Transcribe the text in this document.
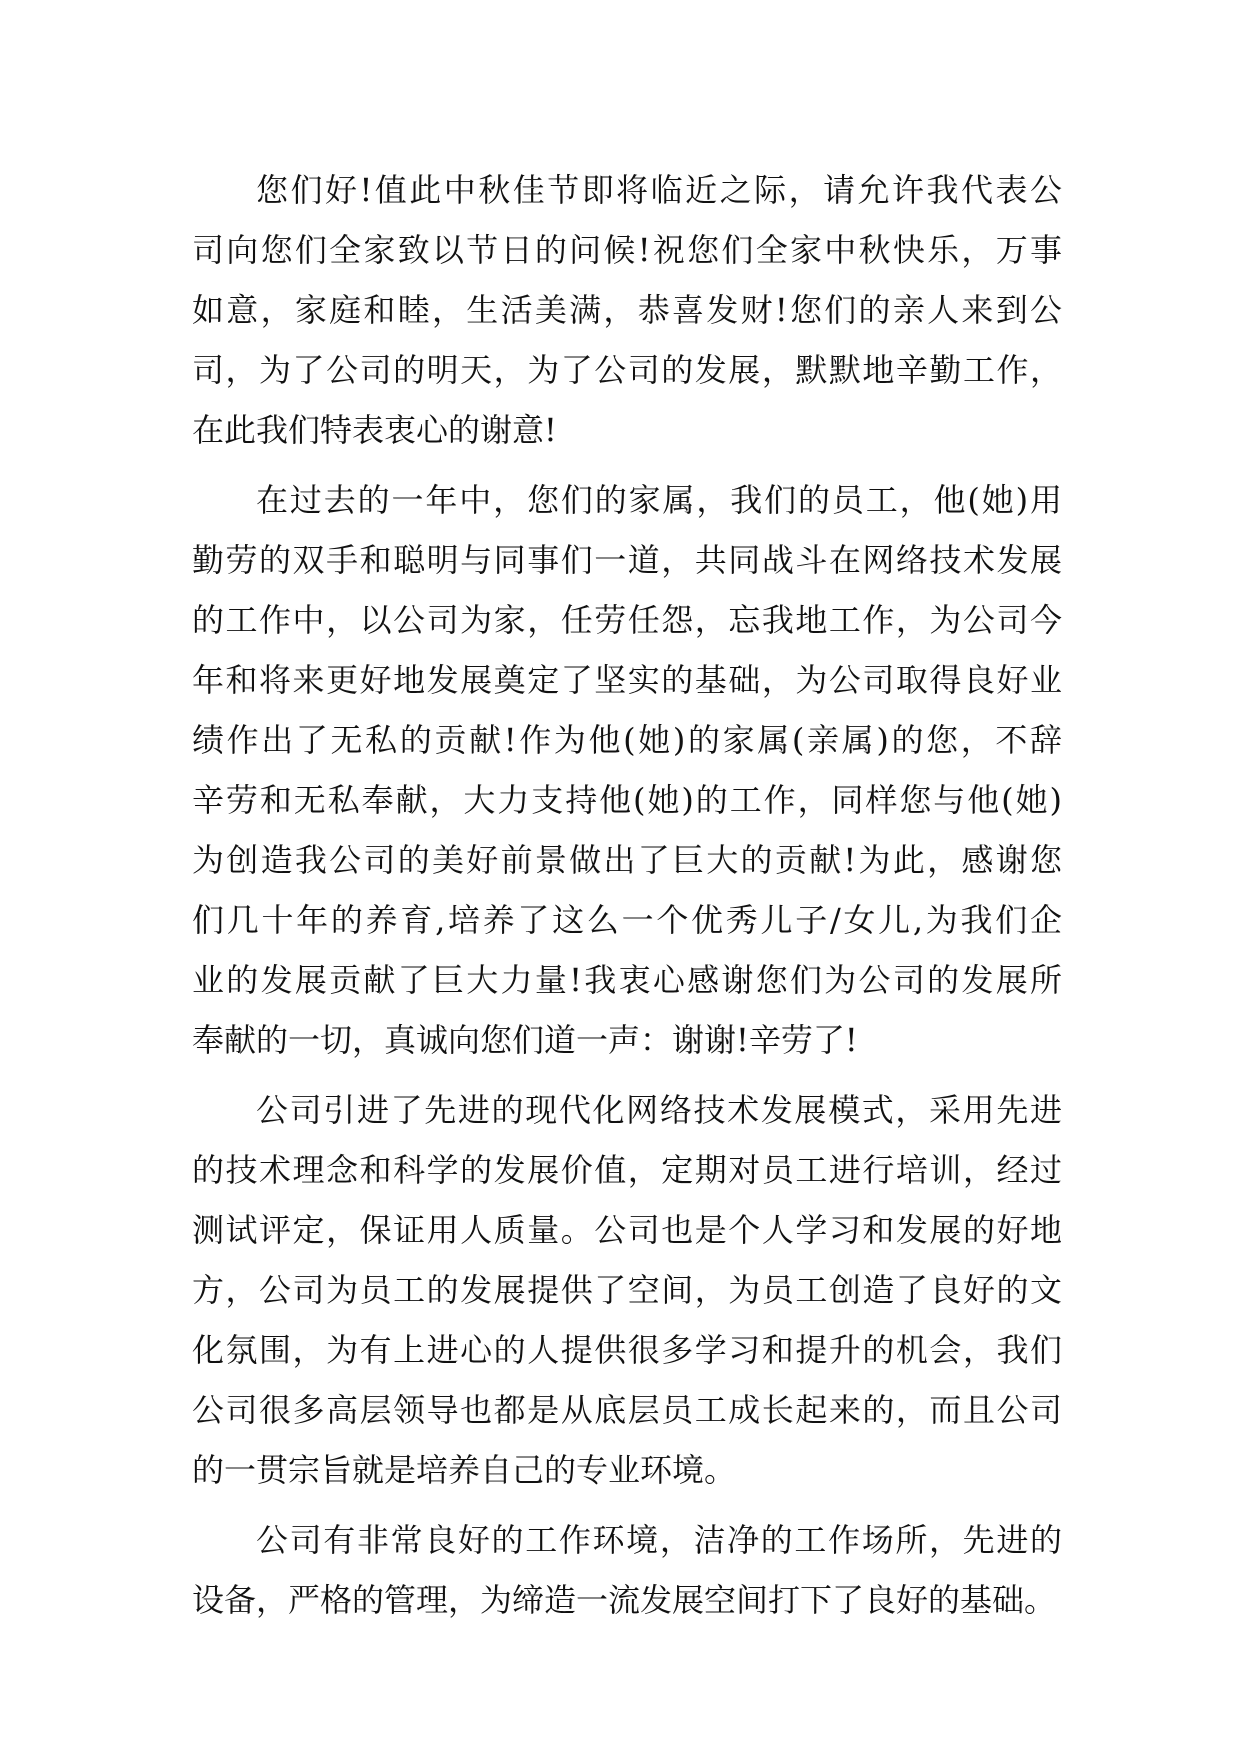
您们好!值此中秋佳节即将临近之际，请允许我代表公
司向您们全家致以节日的问候!祝您们全家中秋快乐，万事
如意，家庭和睦，生活美满，恭喜发财!您们的亲人来到公
司，为了公司的明天，为了公司的发展，默默地辛勤工作，
在此我们特表衷心的谢意!
在过去的一年中，您们的家属，我们的员工，他(她)用
勤劳的双手和聪明与同事们一道，共同战斗在网络技术发展
的工作中，以公司为家，任劳任怨，忘我地工作，为公司今
年和将来更好地发展奠定了坚实的基础，为公司取得良好业
绩作出了无私的贡献!作为他(她)的家属(亲属)的您，不辞
辛劳和无私奉献，大力支持他(她)的工作，同样您与他(她)
为创造我公司的美好前景做出了巨大的贡献!为此，感谢您
们几十年的养育,培养了这么一个优秀儿子/女儿,为我们企
业的发展贡献了巨大力量!我衷心感谢您们为公司的发展所
奉献的一切，真诚向您们道一声：谢谢!辛劳了!
公司引进了先进的现代化网络技术发展模式，采用先进
的技术理念和科学的发展价值，定期对员工进行培训，经过
测试评定，保证用人质量。公司也是个人学习和发展的好地
方，公司为员工的发展提供了空间，为员工创造了良好的文
化氛围，为有上进心的人提供很多学习和提升的机会，我们
公司很多高层领导也都是从底层员工成长起来的，而且公司
的一贯宗旨就是培养自己的专业环境。
公司有非常良好的工作环境，洁净的工作场所，先进的
设备，严格的管理，为缔造一流发展空间打下了良好的基础。
